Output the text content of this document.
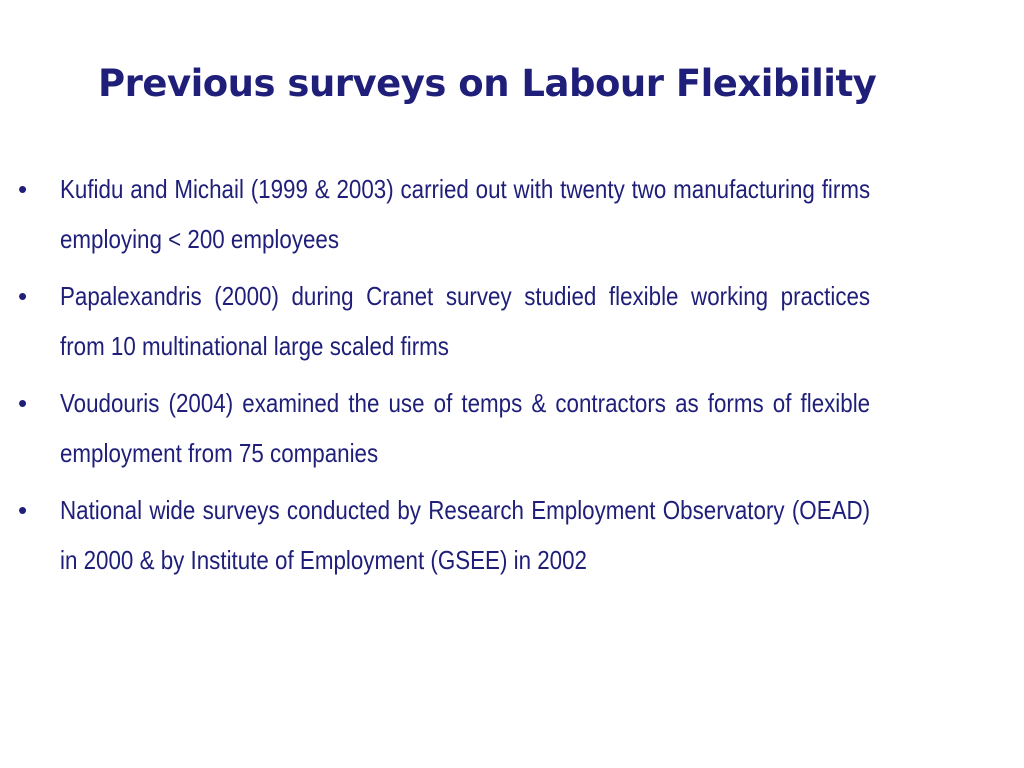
Previous surveys on Labour Flexibility
•	Kufidu and Michail (1999 & 2003) carried out with twenty two manufacturing firms employing < 200 employees
•	Papalexandris (2000) during Cranet survey studied flexible working practices from 10 multinational large scaled firms
•	Voudouris (2004) examined the use of temps & contractors as forms of flexible employment from 75 companies
•	National wide surveys conducted by Research Employment Observatory (OEAD) in 2000 & by Institute of Employment (GSEE) in 2002
